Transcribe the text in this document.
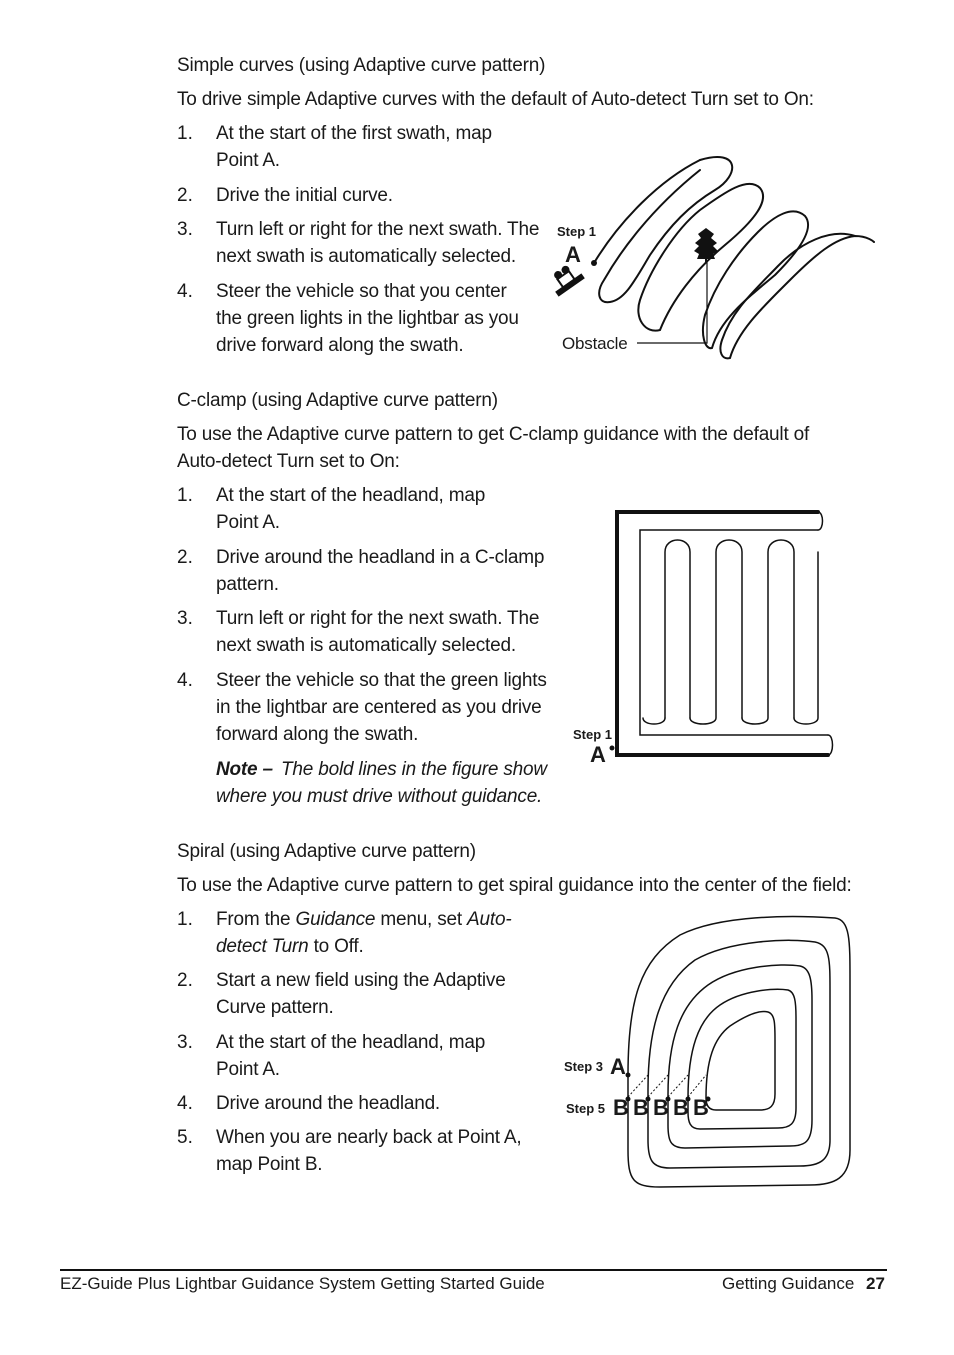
Simple curves (using Adaptive curve pattern)
To drive simple Adaptive curves with the default of Auto-detect Turn set to On:
1. At the start of the first swath, map
Point A.
2. Drive the initial curve.
3. Turn left or right for the next swath. The
next swath is automatically selected.
4. Steer the vehicle so that you center
the green lights in the lightbar as you
drive forward along the swath.
Step 1
A
Obstacle
C-clamp (using Adaptive curve pattern)
To use the Adaptive curve pattern to get C-clamp guidance with the default of
Auto-detect Turn set to On:
1. At the start of the headland, map
Point A.
2. Drive around the headland in a C-clamp
pattern.
3. Turn left or right for the next swath. The
next swath is automatically selected.
4. Steer the vehicle so that the green lights
in the lightbar are centered as you drive
forward along the swath.
Note – The bold lines in the figure show
where you must drive without guidance.
Step 1
A
Spiral (using Adaptive curve pattern)
To use the Adaptive curve pattern to get spiral guidance into the center of the field:
1. From the Guidance menu, set Auto-
detect Turn to Off.
2. Start a new field using the Adaptive
Curve pattern.
3. At the start of the headland, map
Point A.
4. Drive around the headland.
5. When you are nearly back at Point A,
map Point B.
Step 3 A
Step 5 B B B B B
EZ-Guide Plus Lightbar Guidance System Getting Started Guide	Getting Guidance 27
